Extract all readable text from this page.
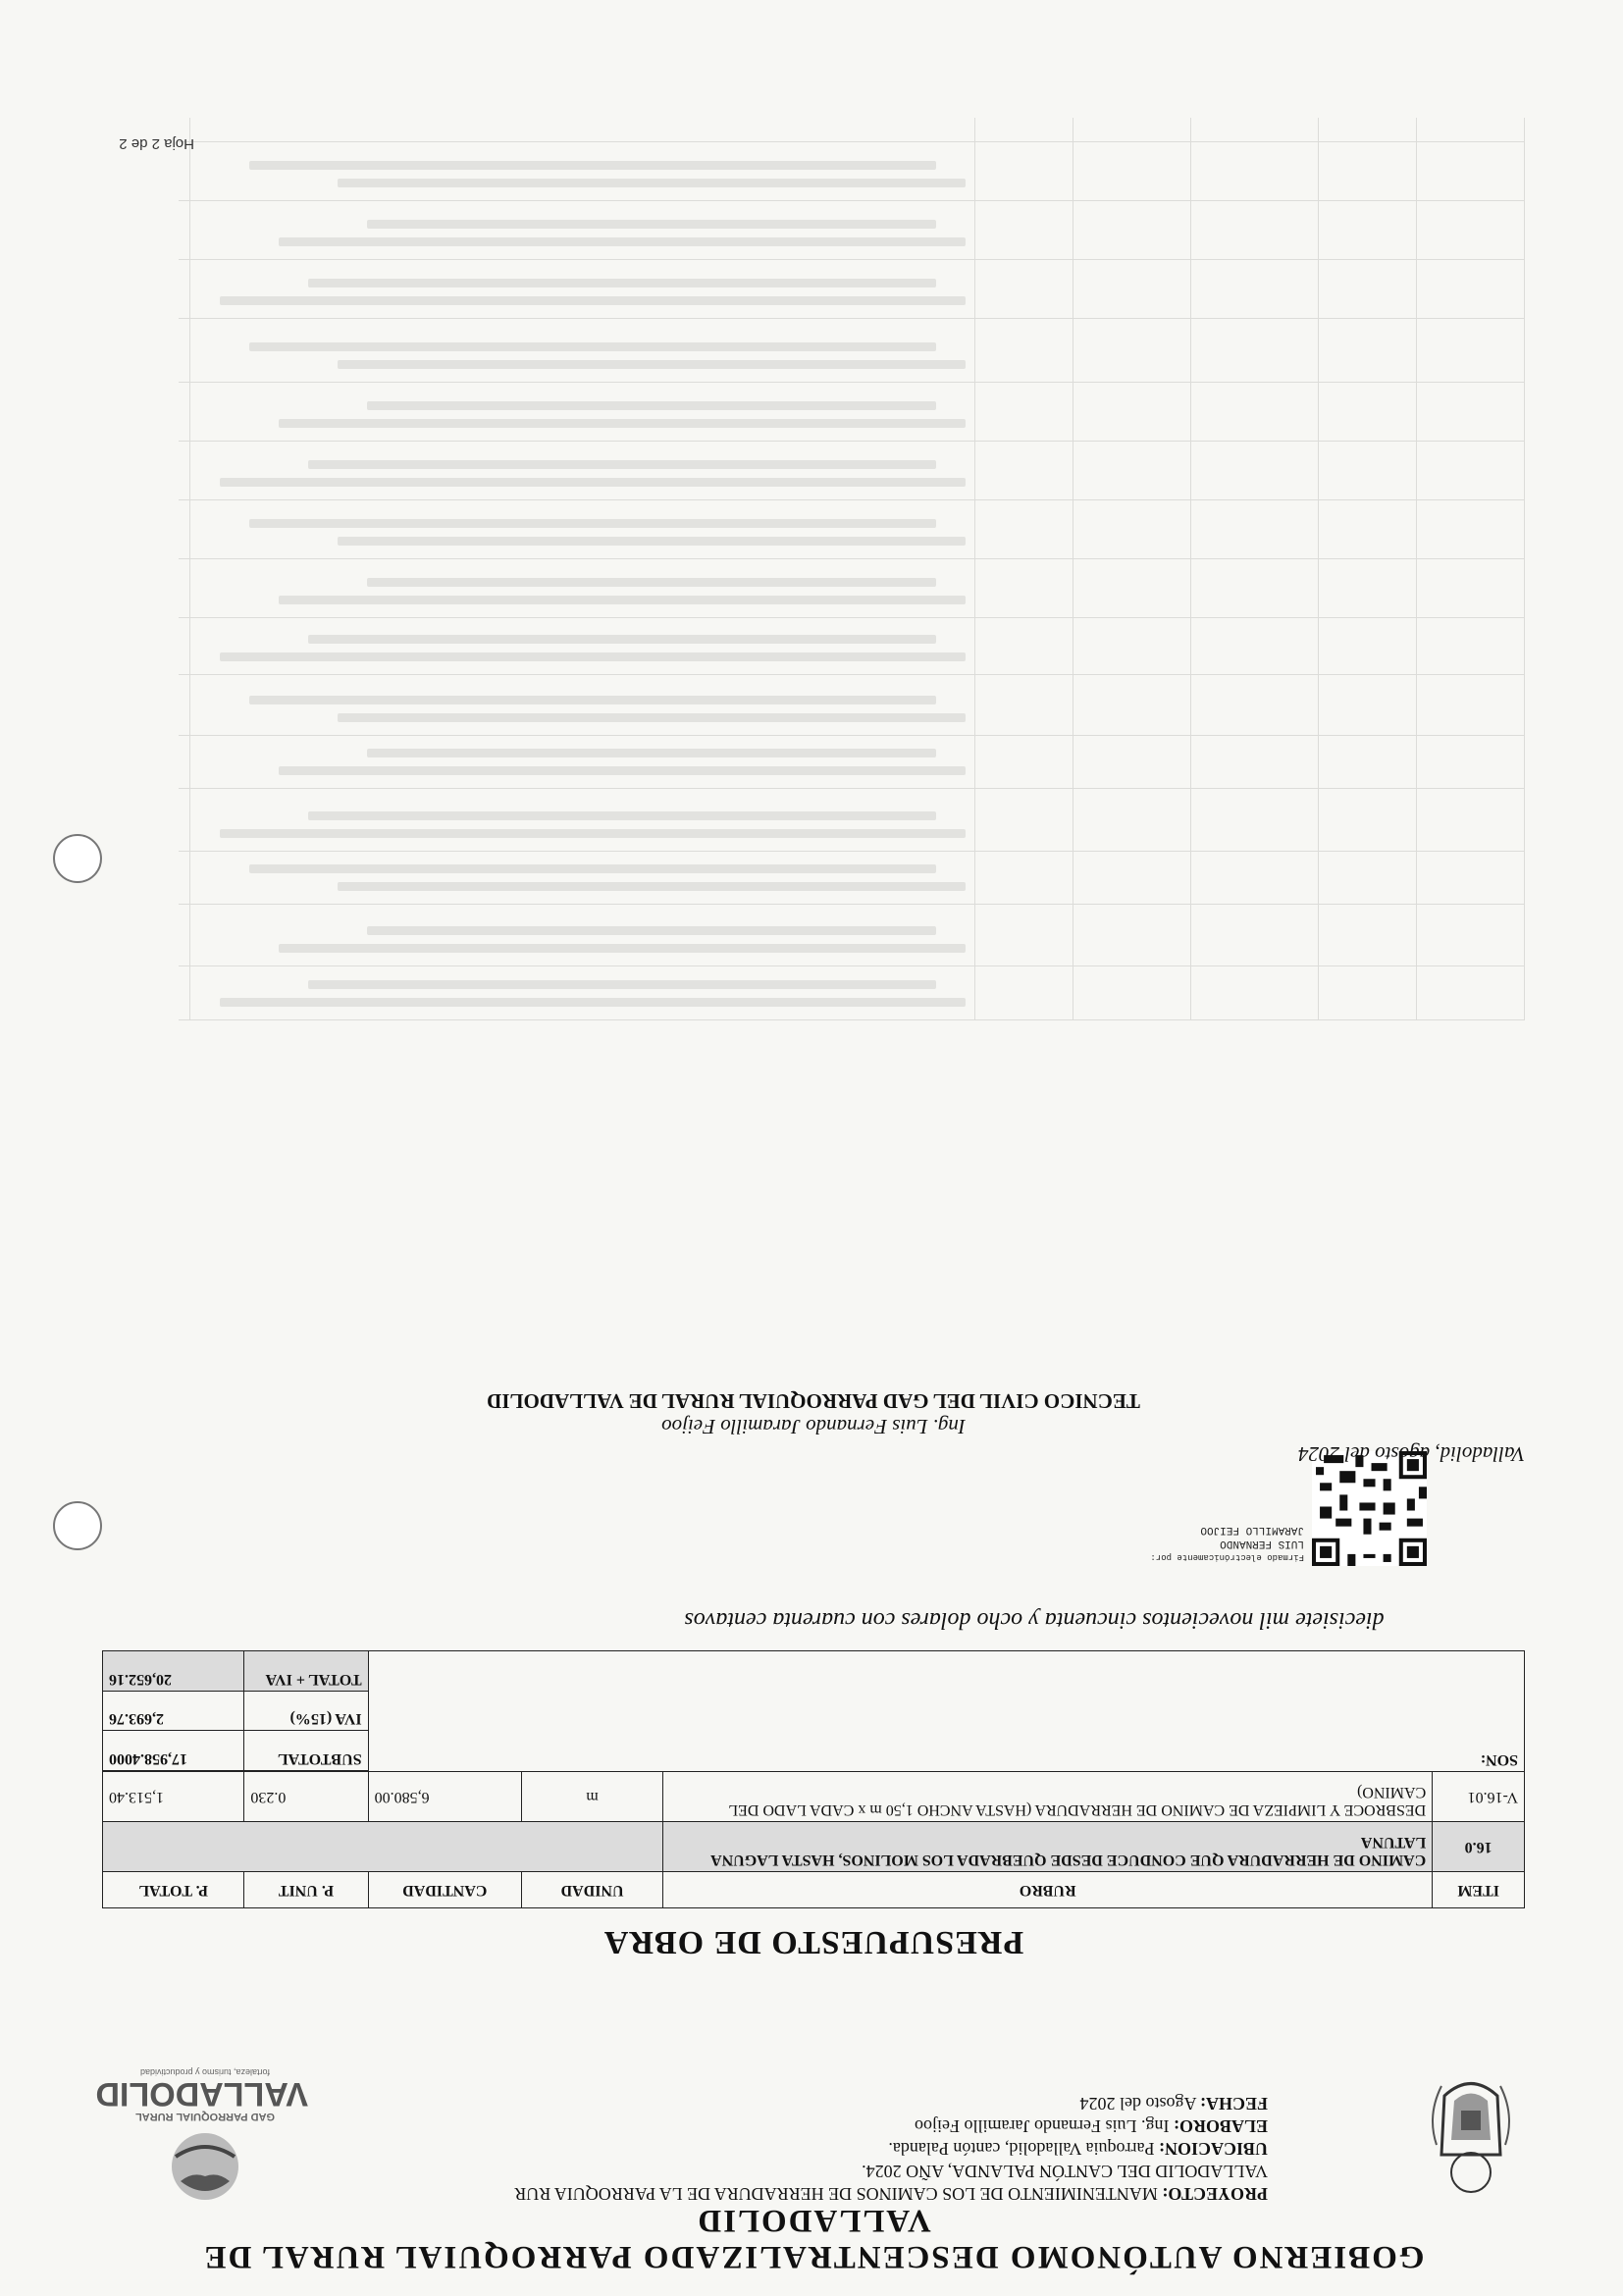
Hoja 2 de 2
GOBIERNO AUTÓNOMO DESCENTRALIZADO PARROQUIAL RURAL DE VALLADOLID
PROYECTO: MANTENIMIENTO DE LOS CAMINOS DE HERRADURA DE LA PARROQUIA RUR
VALLADOLID DEL CANTÓN PALANDA, AÑO 2024.
UBICACION: Parroquia Valladolid, cantón Palanda.
ELABORO: Ing. Luis Fernando Jaramillo Feijoo
FECHA: Agosto del 2024
GAD PARROQUIAL RURAL
VALLADOLID
fortaleza, turismo y productividad
PRESUPUESTO DE OBRA
ITEM	RUBRO	UNIDAD	CANTIDAD	P. UNIT	P. TOTAL
16.0	CAMINO DE HERRADURA QUE CONDUCE DESDE QUEBRADA LOS MOLINOS, HASTA LAGUNA LATUNA				
V-16.01	DESBROCE Y LIMPIEZA DE CAMINO DE HERRADURA (HASTA ANCHO 1,50 m x CADA LADO DEL CAMINO)	m	6,580.00	0.230	1,513.40
SON:					
				SUBTOTAL	17,958.4000
				IVA (15%)	2,693.76
				TOTAL + IVA	20,652.16
diecisiete mil novecientos cincuenta y ocho dolares con cuarenta centavos
Firmado electrónicamente por:
LUIS FERNANDO
JARAMILLO FEIJOO
Valladolid, agosto del 2024
Ing. Luis Fernando Jaramillo Feijoo
TECNICO CIVIL DEL GAD PARROQUIAL RURAL DE VALLADOLID
